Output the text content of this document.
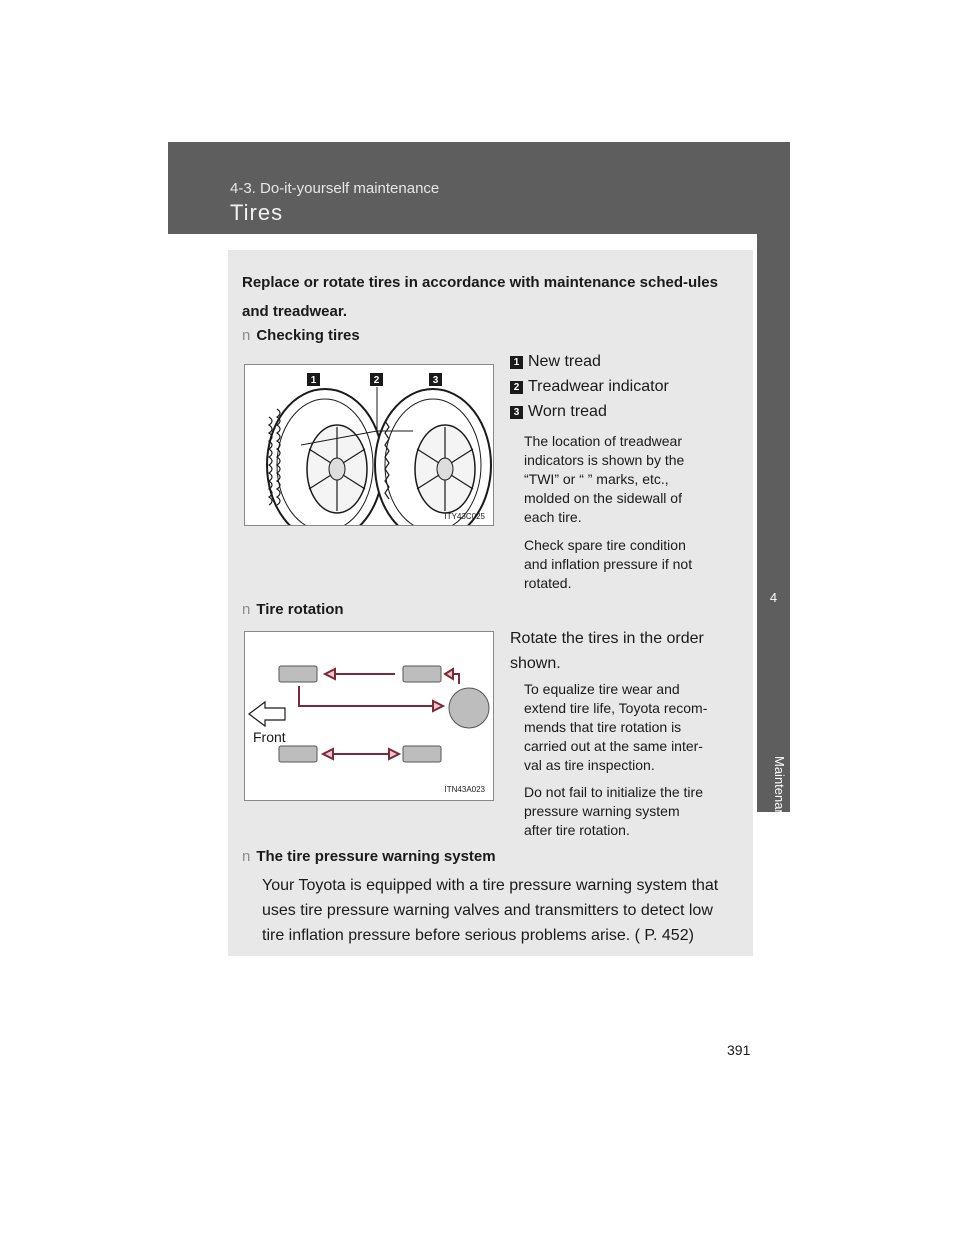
4-3. Do-it-yourself maintenance
Tires
4
Maintenance and care
Replace or rotate tires in accordance with maintenance sched-ules and treadwear.
n Checking tires
1	2	3
ITY43C025
1 New tread
2 Treadwear indicator
3 Worn tread
The location of treadwear
indicators is shown by the
“TWI” or “ ” marks, etc.,
molded on the sidewall of
each tire.
Check spare tire condition
and inflation pressure if not
rotated.
n Tire rotation
Front
ITN43A023
Rotate the tires in the order
shown.
To equalize tire wear and
extend tire life, Toyota recom-
mends that tire rotation is
carried out at the same inter-
val as tire inspection.
Do not fail to initialize the tire
pressure warning system
after tire rotation.
n The tire pressure warning system
Your Toyota is equipped with a tire pressure warning system that
uses tire pressure warning valves and transmitters to detect low
tire inflation pressure before serious problems arise. ( P. 452)
391
